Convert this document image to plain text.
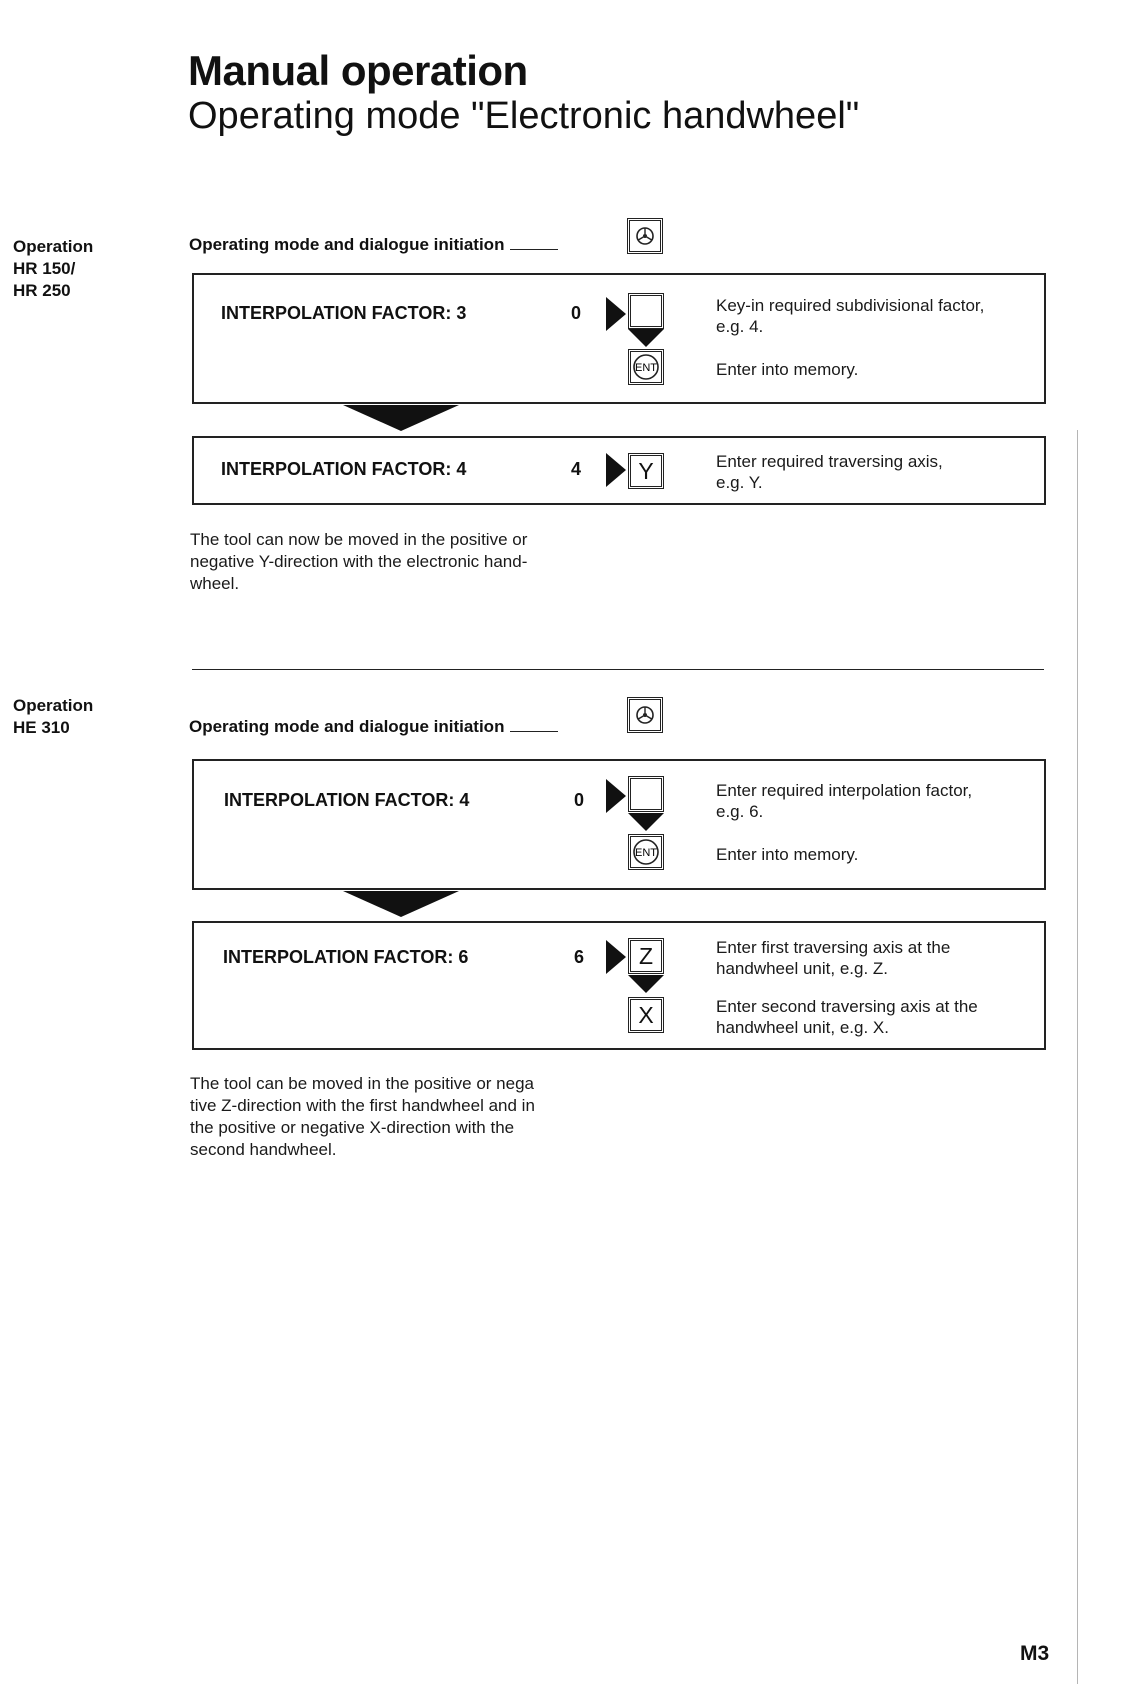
Manual operation
Operating mode "Electronic handwheel"
Operation
HR 150/
HR 250
Operating mode and dialogue initiation
INTERPOLATION FACTOR: 3	0
ENT
Key-in required subdivisional factor,
e.g. 4.
Enter into memory.
INTERPOLATION FACTOR: 4	4	Y	Enter required traversing axis,
e.g. Y.
The tool can now be moved in the positive or
negative Y-direction with the electronic hand-
wheel.
Operation
HE 310	Operating mode and dialogue initiation
INTERPOLATION FACTOR: 4	0
ENT
Enter required interpolation factor,
e.g. 6.
Enter into memory.
INTERPOLATION FACTOR: 6	6	Z
X
Enter first traversing axis at the
handwheel unit, e.g. Z.
Enter second traversing axis at the
handwheel unit, e.g. X.
The tool can be moved in the positive or nega
tive Z-direction with the first handwheel and in
the positive or negative X-direction with the
second handwheel.
M3
